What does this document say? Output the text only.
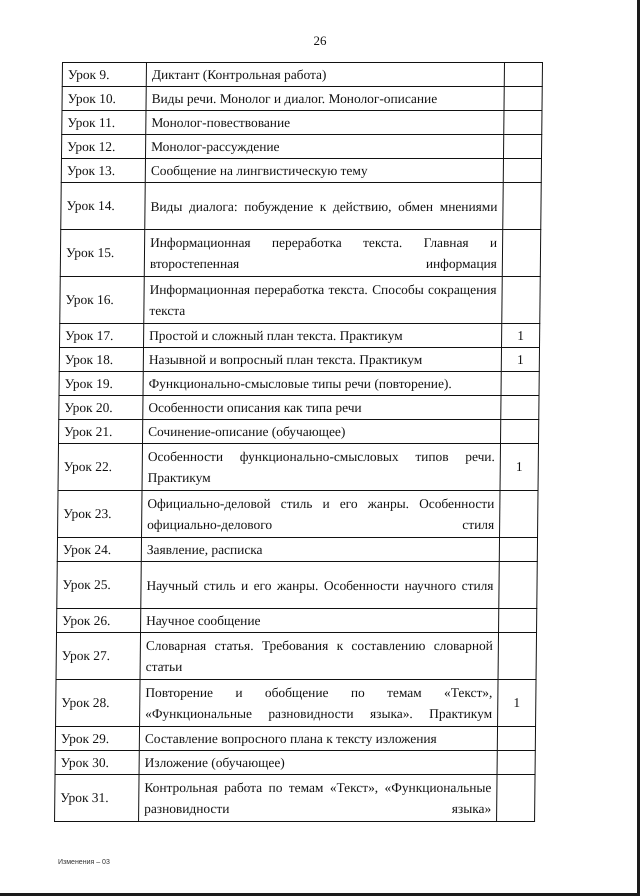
26
Урок 9.	Диктант (Контрольная работа)	
Урок 10.	Виды речи. Монолог и диалог. Монолог-описание	
Урок 11.	Монолог-повествование	
Урок 12.	Монолог-рассуждение	
Урок 13.	Сообщение на лингвистическую тему	
Урок 14.	Виды диалога: побуждение к действию, обмен мнениями	
Урок 15.	Информационная переработка текста. Главная и второстепенная информация	
Урок 16.	Информационная переработка текста. Способы сокращения текста	
Урок 17.	Простой и сложный план текста. Практикум	1
Урок 18.	Назывной и вопросный план текста. Практикум	1
Урок 19.	Функционально-смысловые типы речи (повторение).	
Урок 20.	Особенности описания как типа речи	
Урок 21.	Сочинение-описание (обучающее)	
Урок 22.	Особенности функционально-смысловых типов речи. Практикум	1
Урок 23.	Официально-деловой стиль и его жанры. Особенности официально-делового стиля	
Урок 24.	Заявление, расписка	
Урок 25.	Научный стиль и его жанры. Особенности научного стиля	
Урок 26.	Научное сообщение	
Урок 27.	Словарная статья. Требования к составлению словарной статьи	
Урок 28.	Повторение и обобщение по темам «Текст», «Функциональные разновидности языка». Практикум	1
Урок 29.	Составление вопросного плана к тексту изложения	
Урок 30.	Изложение (обучающее)	
Урок 31.	Контрольная работа по темам «Текст», «Функциональные разновидности языка»	
Изменения – 03
